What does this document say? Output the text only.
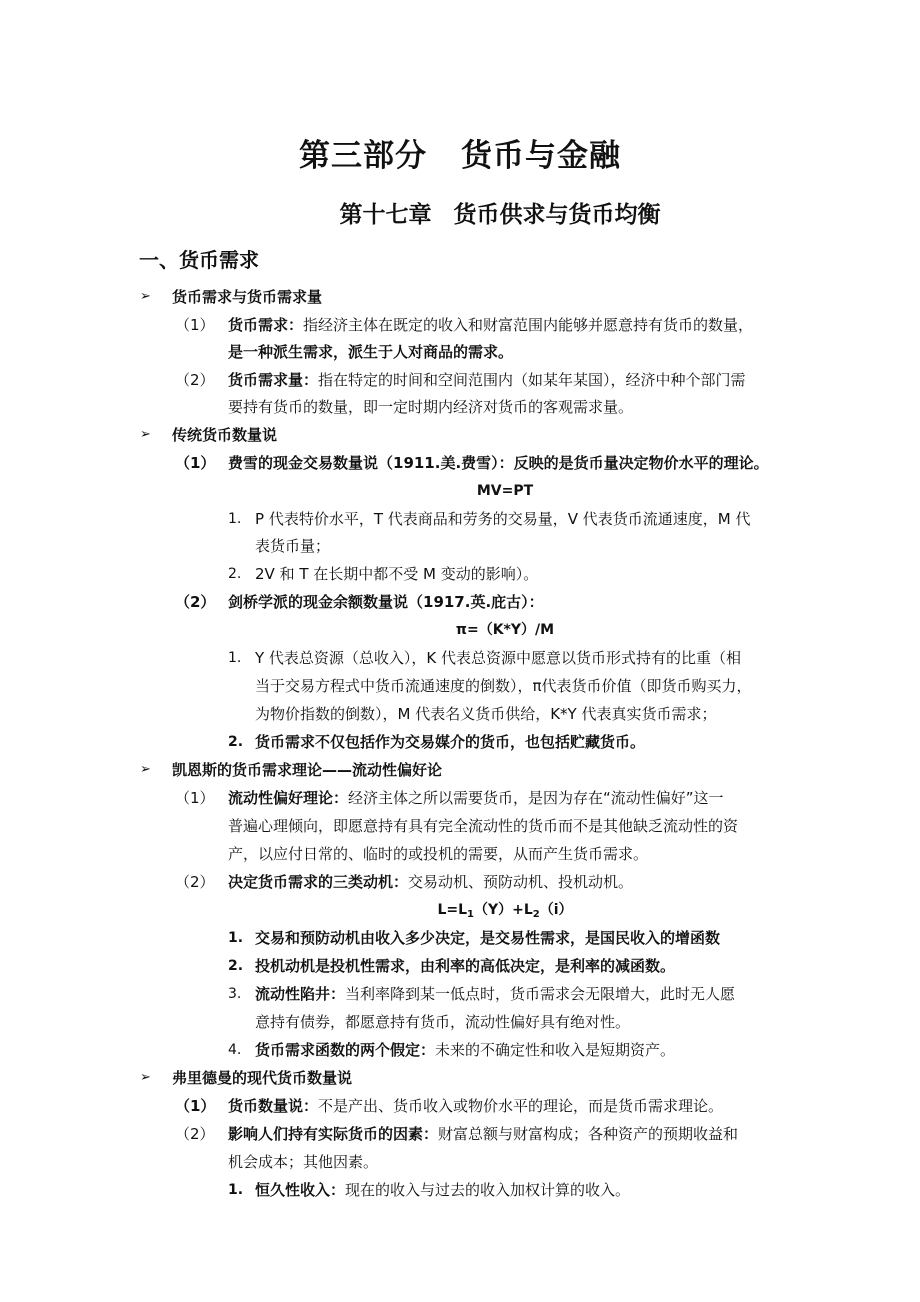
第三部分 货币与金融
第十七章 货币供求与货币均衡
一、货币需求
➢ 货币需求与货币需求量
（1） 货币需求：指经济主体在既定的收入和财富范围内能够并愿意持有货币的数量，
是一种派生需求，派生于人对商品的需求。
（2） 货币需求量：指在特定的时间和空间范围内（如某年某国），经济中种个部门需
要持有货币的数量，即一定时期内经济对货币的客观需求量。
➢ 传统货币数量说
（1） 费雪的现金交易数量说（1911.美.费雪）：反映的是货币量决定物价水平的理论。
MV=PT
1. P 代表特价水平，T 代表商品和劳务的交易量，V 代表货币流通速度，M 代
表货币量；
2. 2V 和 T 在长期中都不受 M 变动的影响）。
（2） 剑桥学派的现金余额数量说（1917.英.庇古）：
π=（K*Y）/M
1. Y 代表总资源（总收入），K 代表总资源中愿意以货币形式持有的比重（相
当于交易方程式中货币流通速度的倒数），π代表货币价值（即货币购买力，
为物价指数的倒数），M 代表名义货币供给，K*Y 代表真实货币需求；
2. 货币需求不仅包括作为交易媒介的货币，也包括贮藏货币。
➢ 凯恩斯的货币需求理论——流动性偏好论
（1） 流动性偏好理论：经济主体之所以需要货币，是因为存在“流动性偏好”这一
普遍心理倾向，即愿意持有具有完全流动性的货币而不是其他缺乏流动性的资
产，以应付日常的、临时的或投机的需要，从而产生货币需求。
（2） 决定货币需求的三类动机：交易动机、预防动机、投机动机。
$L=L_1(Y)+L_2(i)$
1. 交易和预防动机由收入多少决定，是交易性需求，是国民收入的增函数
2. 投机动机是投机性需求，由利率的高低决定，是利率的减函数。
3. 流动性陷井：当利率降到某一低点时，货币需求会无限增大，此时无人愿
意持有债券，都愿意持有货币，流动性偏好具有绝对性。
4. 货币需求函数的两个假定：未来的不确定性和收入是短期资产。
➢ 弗里德曼的现代货币数量说
（1） 货币数量说：不是产出、货币收入或物价水平的理论，而是货币需求理论。
（2） 影响人们持有实际货币的因素：财富总额与财富构成；各种资产的预期收益和
机会成本；其他因素。
1. 恒久性收入：现在的收入与过去的收入加权计算的收入。
